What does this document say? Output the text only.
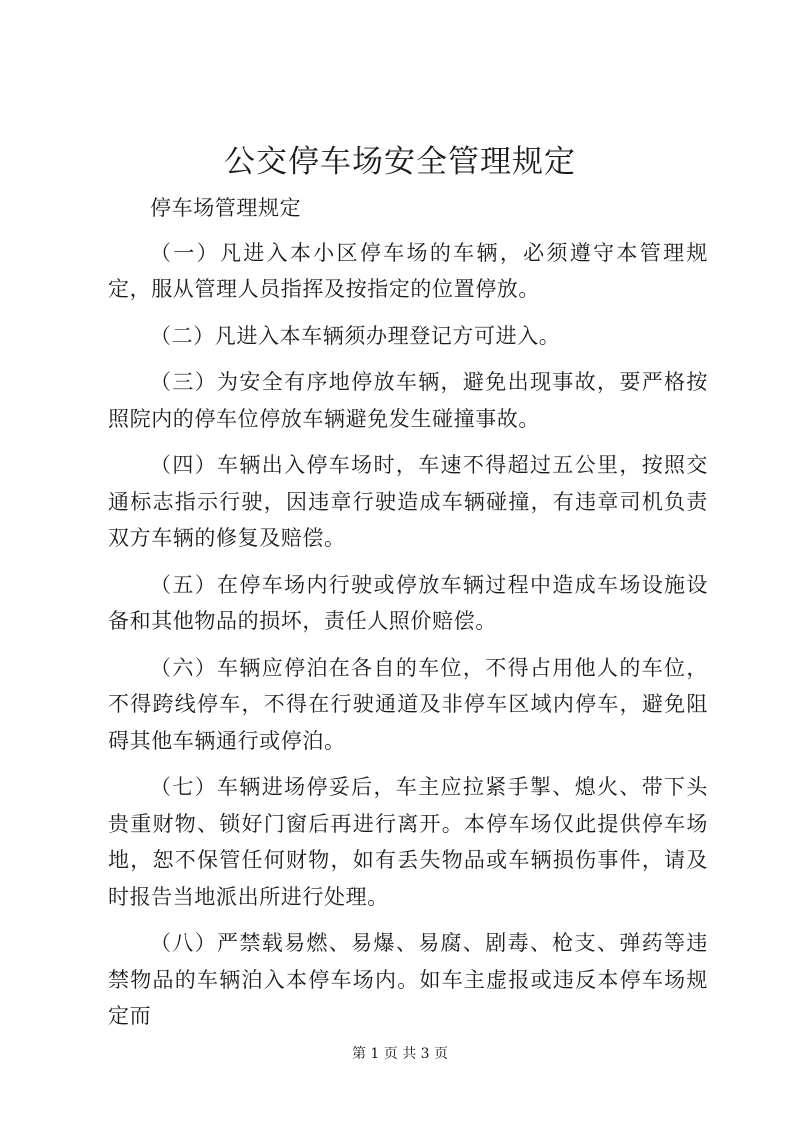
公交停车场安全管理规定

停车场管理规定

（一）凡进入本小区停车场的车辆，必须遵守本管理规定，服从管理人员指挥及按指定的位置停放。

（二）凡进入本车辆须办理登记方可进入。

（三）为安全有序地停放车辆，避免出现事故，要严格按照院内的停车位停放车辆避免发生碰撞事故。

（四）车辆出入停车场时，车速不得超过五公里，按照交通标志指示行驶，因违章行驶造成车辆碰撞，有违章司机负责双方车辆的修复及赔偿。

（五）在停车场内行驶或停放车辆过程中造成车场设施设备和其他物品的损坏，责任人照价赔偿。

（六）车辆应停泊在各自的车位，不得占用他人的车位，不得跨线停车，不得在行驶通道及非停车区域内停车，避免阻碍其他车辆通行或停泊。

（七）车辆进场停妥后，车主应拉紧手掣、熄火、带下头贵重财物、锁好门窗后再进行离开。本停车场仅此提供停车场地，恕不保管任何财物，如有丢失物品或车辆损伤事件，请及时报告当地派出所进行处理。

（八）严禁载易燃、易爆、易腐、剧毒、枪支、弹药等违禁物品的车辆泊入本停车场内。如车主虚报或违反本停车场规定而

第 1 页 共 3 页
